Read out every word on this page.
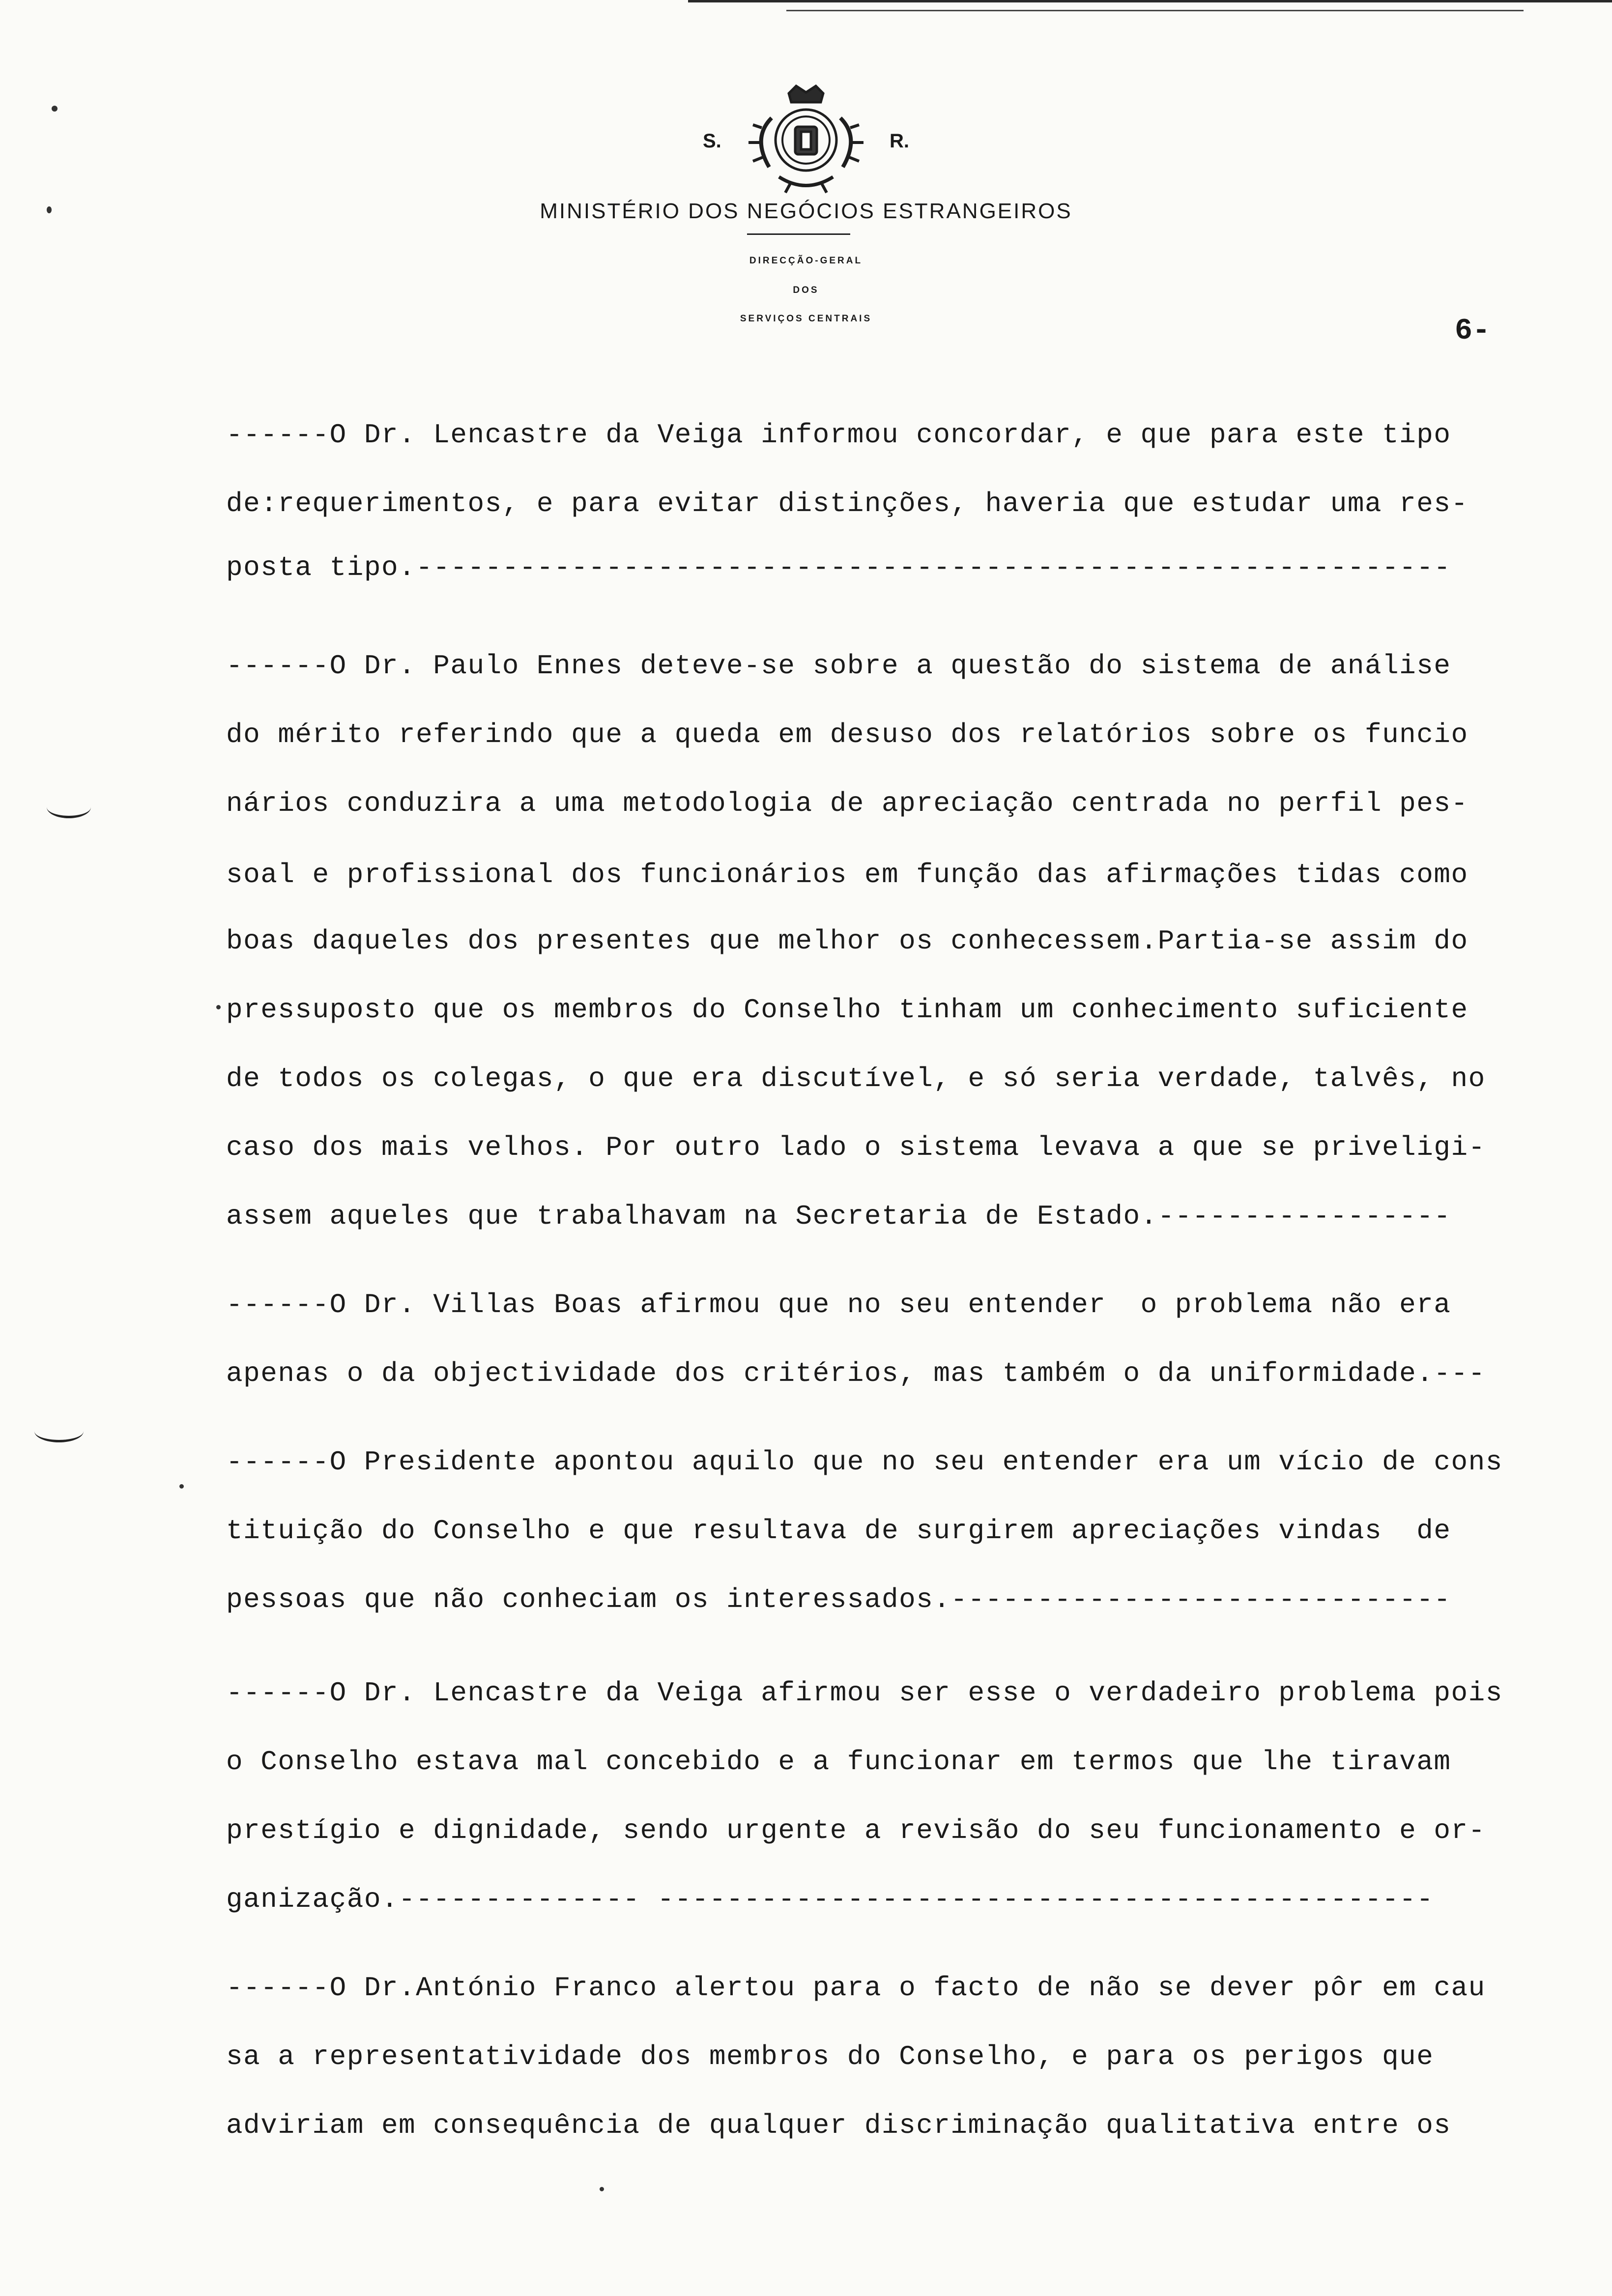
S.	R.
MINISTÉRIO DOS NEGÓCIOS ESTRANGEIROS
DIRECÇÃO-GERAL
DOS
SERVIÇOS CENTRAIS	6-
------O Dr. Lencastre da Veiga informou concordar, e que para este tipo
de:requerimentos, e para evitar distinções, haveria que estudar uma res-
posta tipo.------------------------------------------------------------
------O Dr. Paulo Ennes deteve-se sobre a questão do sistema de análise
do mérito referindo que a queda em desuso dos relatórios sobre os funcio
nários conduzira a uma metodologia de apreciação centrada no perfil pes-
soal e profissional dos funcionários em função das afirmações tidas como
boas daqueles dos presentes que melhor os conhecessem.Partia-se assim do
pressuposto que os membros do Conselho tinham um conhecimento suficiente
de todos os colegas, o que era discutível, e só seria verdade, talvês, no
caso dos mais velhos. Por outro lado o sistema levava a que se priveligi-
assem aqueles que trabalhavam na Secretaria de Estado.-----------------
------O Dr. Villas Boas afirmou que no seu entender  o problema não era
apenas o da objectividade dos critérios, mas também o da uniformidade.---
------O Presidente apontou aquilo que no seu entender era um vício de cons
tituição do Conselho e que resultava de surgirem apreciações vindas  de
pessoas que não conheciam os interessados.-----------------------------
------O Dr. Lencastre da Veiga afirmou ser esse o verdadeiro problema pois
o Conselho estava mal concebido e a funcionar em termos que lhe tiravam
prestígio e dignidade, sendo urgente a revisão do seu funcionamento e or-
ganização.-------------- ---------------------------------------------
------O Dr.António Franco alertou para o facto de não se dever pôr em cau
sa a representatividade dos membros do Conselho, e para os perigos que
adviriam em consequência de qualquer discriminação qualitativa entre os
